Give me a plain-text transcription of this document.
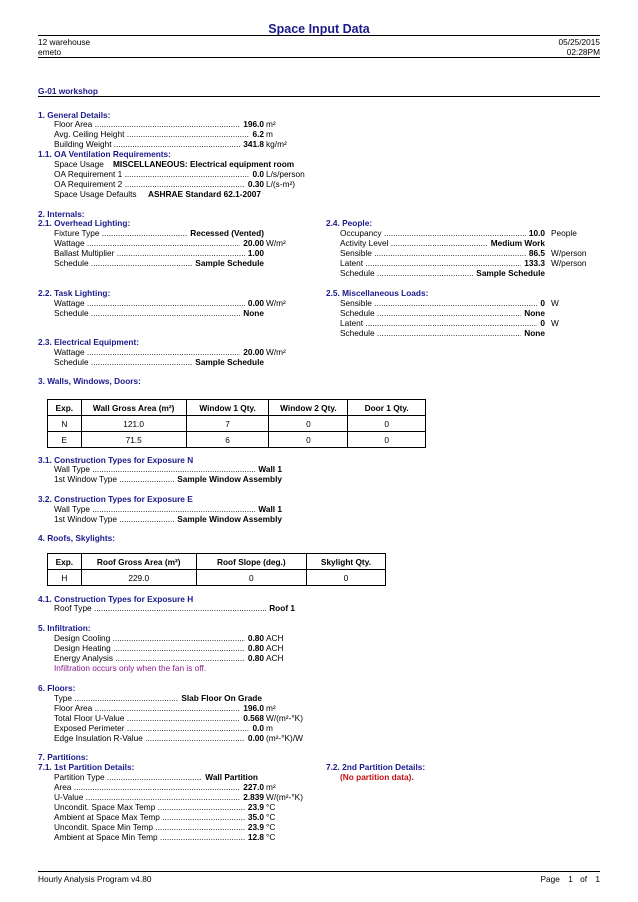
Space Input Data
12 warehouse
emeto
05/25/2015
02:28PM
G-01 workshop
1. General Details:
Floor Area .....	196.0 m²
Avg. Ceiling Height .....	6.2 m
Building Weight .....	341.8 kg/m²
1.1. OA Ventilation Requirements:
Space Usage MISCELLANEOUS: Electrical equipment room
OA Requirement 1 .....	0.0 L/s/person
OA Requirement 2 .....	0.30 L/(s-m²)
Space Usage Defaults ASHRAE Standard 62.1-2007
2. Internals:
2.1. Overhead Lighting:	2.4. People:
Fixture Type .....	Recessed (Vented)
Wattage .....	20.00 W/m²
Ballast Multiplier .....	1.00
Schedule .....	Sample Schedule
Occupancy .....	10.0 People
Activity Level .....	Medium Work
Sensible .....	86.5 W/person
Latent .....	133.3 W/person
Schedule .....	Sample Schedule
2.2. Task Lighting:	2.5. Miscellaneous Loads:
Wattage .....	0.00 W/m²
Schedule .....	None
Sensible .....	0 W
Schedule .....	None
Latent .....	0 W
Schedule .....	None
2.3. Electrical Equipment:
Wattage .....	20.00 W/m²
Schedule .....	Sample Schedule
3. Walls, Windows, Doors:
Exp.	Wall Gross Area (m²)	Window 1 Qty.	Window 2 Qty.	Door 1 Qty.
N	121.0	7	0	0
E	71.5	6	0	0
3.1. Construction Types for Exposure N
Wall Type .....	Wall 1
1st Window Type .....	Sample Window Assembly
3.2. Construction Types for Exposure E
Wall Type .....	Wall 1
1st Window Type .....	Sample Window Assembly
4. Roofs, Skylights:
Exp.	Roof Gross Area (m²)	Roof Slope (deg.)	Skylight Qty.
H	229.0	0	0
4.1. Construction Types for Exposure H
Roof Type .....	Roof 1
5. Infiltration:
Design Cooling .....	0.80 ACH
Design Heating .....	0.80 ACH
Energy Analysis .....	0.80 ACH
Infiltration occurs only when the fan is off.
6. Floors:
Type .....	Slab Floor On Grade
Floor Area .....	196.0 m²
Total Floor U-Value .....	0.568 W/(m²-°K)
Exposed Perimeter .....	0.0 m
Edge Insulation R-Value .....	0.00 (m²-°K)/W
7. Partitions:
7.1. 1st Partition Details:	7.2. 2nd Partition Details:
(No partition data).
Partition Type .....	Wall Partition
Area .....	227.0 m²
U-Value .....	2.839 W/(m²-°K)
Uncondit. Space Max Temp .....	23.9 °C
Ambient at Space Max Temp .....	35.0 °C
Uncondit. Space Min Temp .....	23.9 °C
Ambient at Space Min Temp .....	12.8 °C
Hourly Analysis Program v4.80	Page 1 of 1
